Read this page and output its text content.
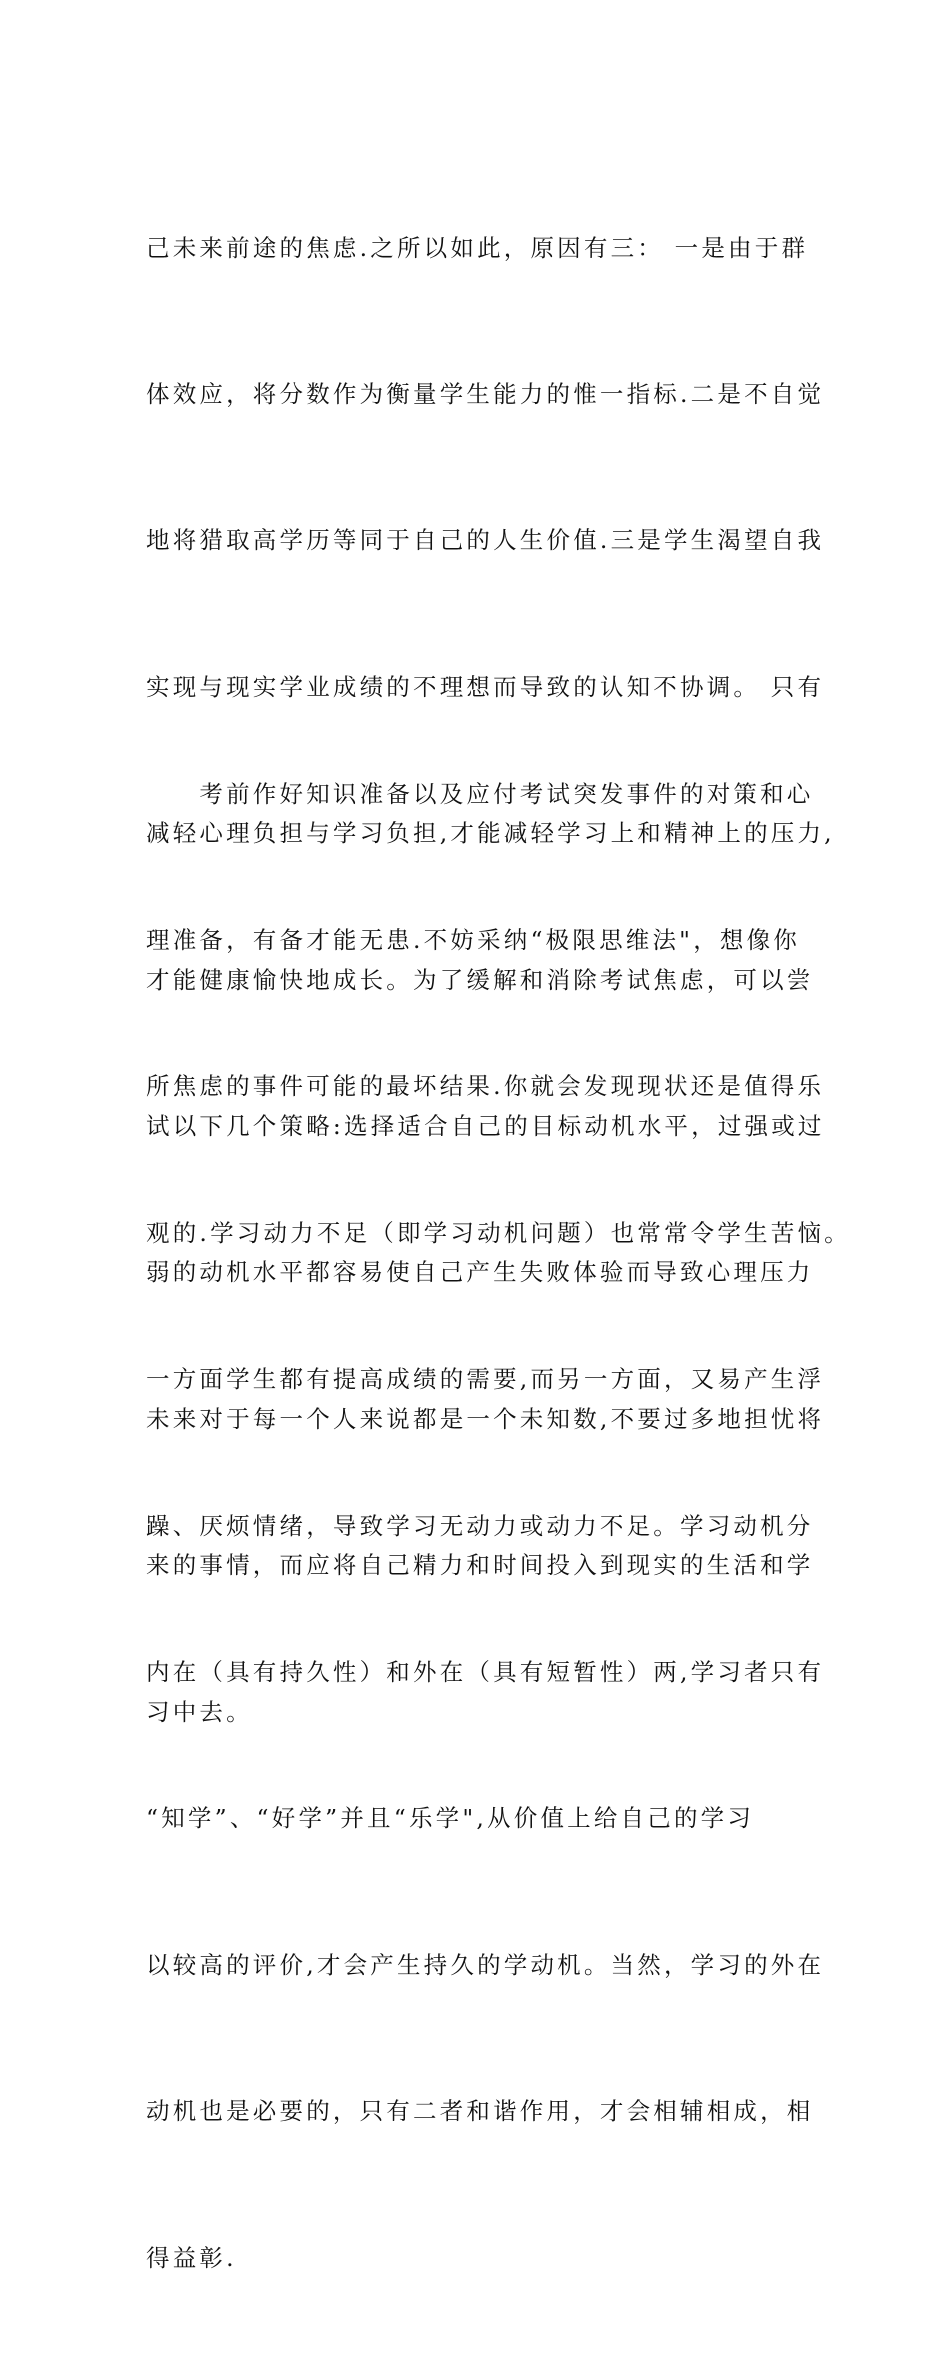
己未来前途的焦虑.之所以如此，原因有三： 一是由于群

体效应，将分数作为衡量学生能力的惟一指标.二是不自觉

地将猎取高学历等同于自己的人生价值.三是学生渴望自我

实现与现实学业成绩的不理想而导致的认知不协调。 只有

减轻心理负担与学习负担,才能减轻学习上和精神上的压力,

才能健康愉快地成长。为了缓解和消除考试焦虑，可以尝

试以下几个策略:选择适合自己的目标动机水平，过强或过

弱的动机水平都容易使自己产生失败体验而导致心理压力

未来对于每一个人来说都是一个未知数,不要过多地担忧将

来的事情，而应将自己精力和时间投入到现实的生活和学

习中去。

　　考前作好知识准备以及应付考试突发事件的对策和心

理准备，有备才能无患.不妨采纳“极限思维法"，想像你

所焦虑的事件可能的最坏结果.你就会发现现状还是值得乐

观的.学习动力不足（即学习动机问题）也常常令学生苦恼。

一方面学生都有提高成绩的需要,而另一方面，又易产生浮

躁、厌烦情绪，导致学习无动力或动力不足。学习动机分

内在（具有持久性）和外在（具有短暂性）两,学习者只有

“知学”、“好学”并且“乐学",从价值上给自己的学习

以较高的评价,才会产生持久的学动机。当然，学习的外在

动机也是必要的，只有二者和谐作用，才会相辅相成，相

得益彰.
